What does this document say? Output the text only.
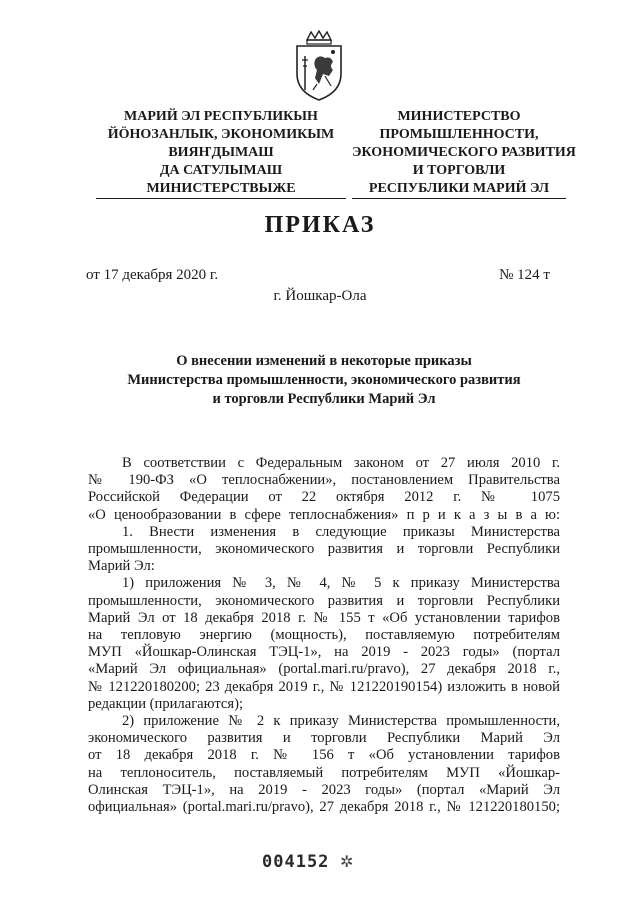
МАРИЙ ЭЛ РЕСПУБЛИКЫН
ЙӦНОЗАНЛЫК, ЭКОНОМИКЫМ
ВИЯҤДЫМАШ
ДА САТУЛЫМАШ
МИНИСТЕРСТВЫЖЕ
МИНИСТЕРСТВО
ПРОМЫШЛЕННОСТИ,
ЭКОНОМИЧЕСКОГО РАЗВИТИЯ
И ТОРГОВЛИ
РЕСПУБЛИКИ МАРИЙ ЭЛ
ПРИКАЗ
от 17 декабря 2020 г.	№ 124 т
г. Йошкар-Ола
О внесении изменений в некоторые приказы
Министерства промышленности, экономического развития
и торговли Республики Марий Эл
В соответствии с Федеральным законом от 27 июля 2010 г.
№ 190-ФЗ «О теплоснабжении», постановлением Правительства
Российской Федерации от 22 октября 2012 г. № 1075
«О ценообразовании в сфере теплоснабжения» п р и к а з ы в а ю:
1. Внести изменения в следующие приказы Министерства
промышленности, экономического развития и торговли Республики
Марий Эл:
1) приложения № 3, № 4, № 5 к приказу Министерства
промышленности, экономического развития и торговли Республики
Марий Эл от 18 декабря 2018 г. № 155 т «Об установлении тарифов
на тепловую энергию (мощность), поставляемую потребителям
МУП «Йошкар-Олинская ТЭЦ-1», на 2019 - 2023 годы» (портал
«Марий Эл официальная» (portal.mari.ru/pravo), 27 декабря 2018 г.,
№ 121220180200; 23 декабря 2019 г., № 121220190154) изложить в новой
редакции (прилагаются);
2) приложение № 2 к приказу Министерства промышленности,
экономического развития и торговли Республики Марий Эл
от 18 декабря 2018 г. № 156 т «Об установлении тарифов
на теплоноситель, поставляемый потребителям МУП «Йошкар-
Олинская ТЭЦ-1», на 2019 - 2023 годы» (портал «Марий Эл
официальная» (portal.mari.ru/pravo), 27 декабря 2018 г., № 121220180150;
004152 ✲
